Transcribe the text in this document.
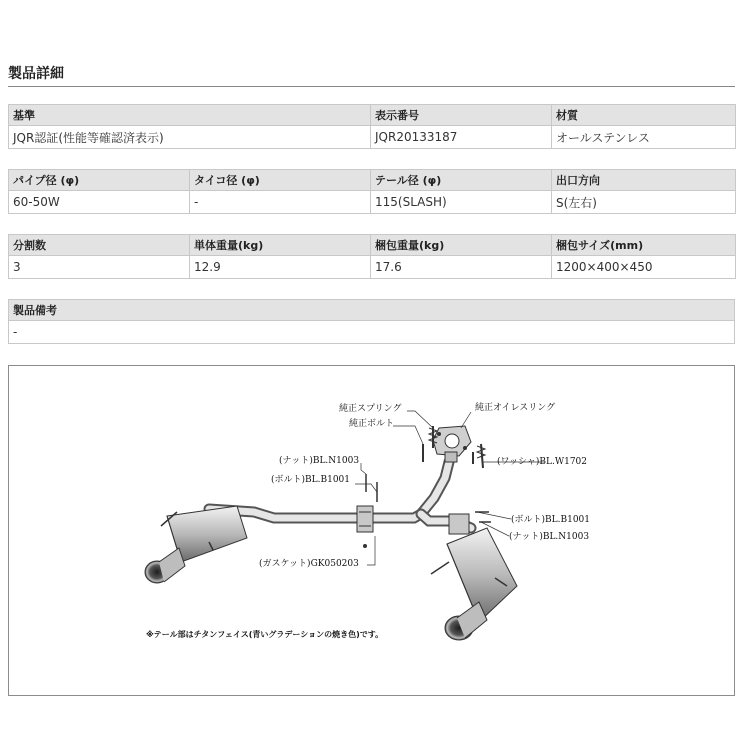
製品詳細
基準	表示番号	材質
JQR認証(性能等確認済表示)	JQR20133187	オールステンレス
パイプ径 (φ)	タイコ径 (φ)	テール径 (φ)	出口方向
60-50W	-	115(SLASH)	S(左右)
分割数	単体重量(kg)	梱包重量(kg)	梱包サイズ(mm)
3	12.9	17.6	1200×400×450
製品備考
-
純正スプリング
純正ボルト
純正オイレスリング
(ナット)BL.N1003
(ボルト)BL.B1001
(ワッシャ)BL.W1702
(ボルト)BL.B1001
(ナット)BL.N1003
(ガスケット)GK050203
※テール部はチタンフェイス(青いグラデーションの焼き色)です。
